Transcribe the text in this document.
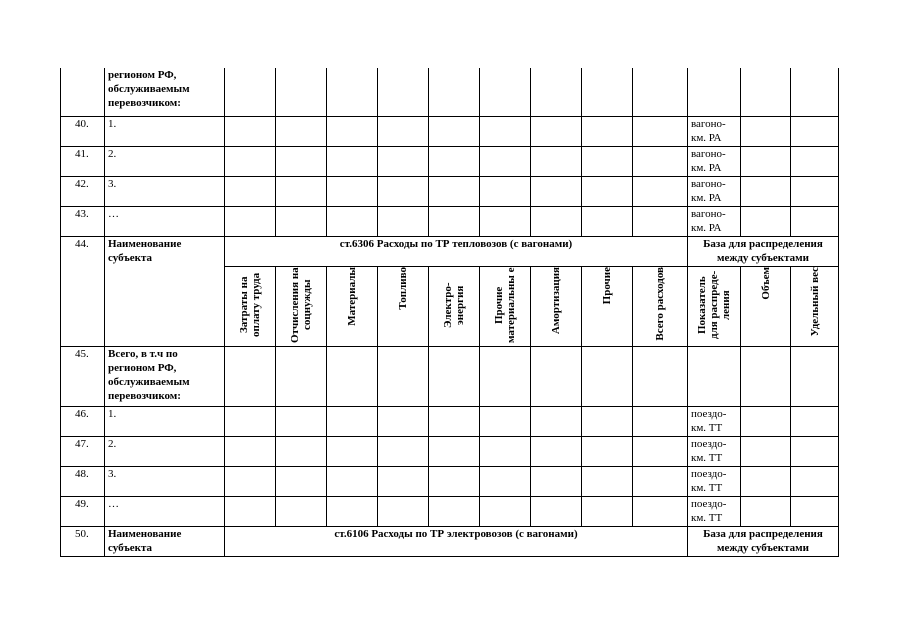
	регионом РФ, обслуживаемым перевозчиком:												
40.	1.										вагоно-км. РА		
41.	2.										вагоно-км. РА		
42.	3.										вагоно-км. РА		
43.	…										вагоно-км. РА		
44.	Наименование субъекта	ст.6306 Расходы по ТР тепловозов (с вагонами)									База для распределения между субъектами		

		Затраты на оплату труда	Отчисления на соцнужды	Материалы	Топливо	Электро-энергия	Прочие материальны е	Амортизация	Прочие	Всего расходов	Показатель для распреде-ления	Объем	Удельный вес

45.	Всего, в т.ч по регионом РФ, обслуживаемым перевозчиком:												
46.	1.										поездо-км. ТТ		
47.	2.										поездо-км. ТТ		
48.	3.										поездо-км. ТТ		
49.	…										поездо-км. ТТ		
50.	Наименование субъекта	ст.6106 Расходы по ТР электровозов (с вагонами)									База для распределения между субъектами		
